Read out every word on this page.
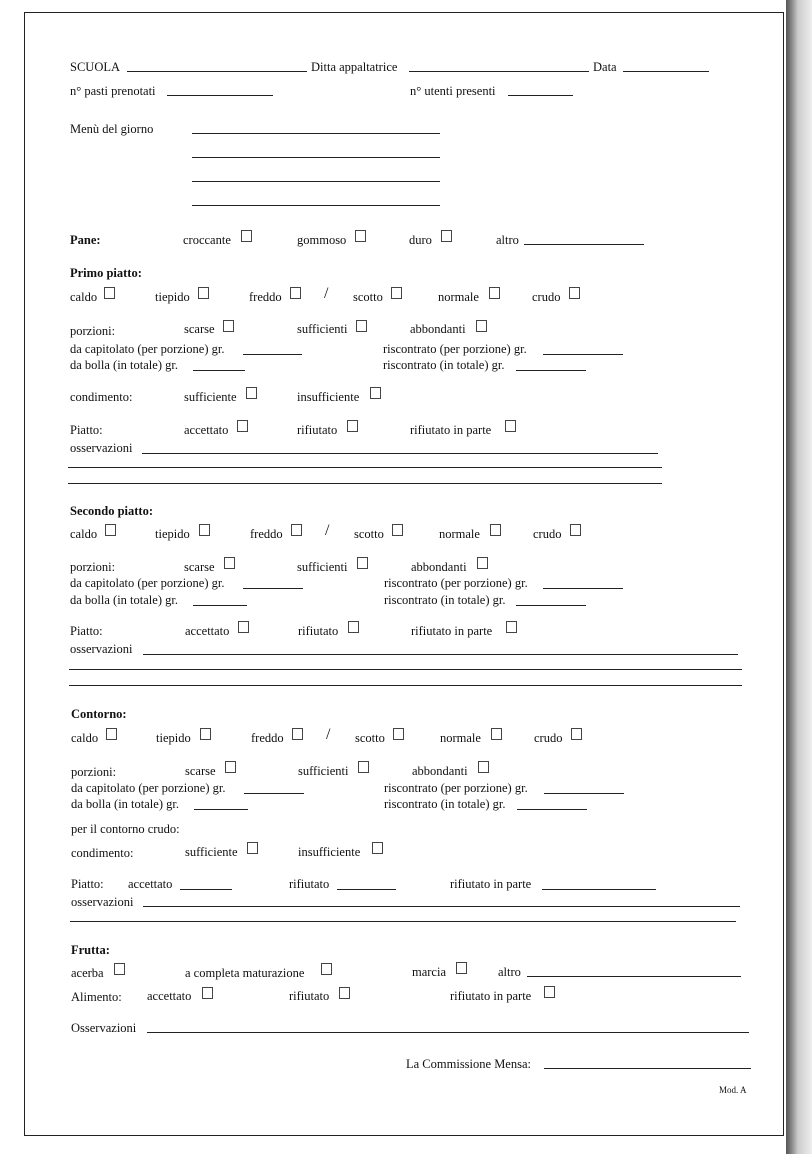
SCUOLA	Ditta appaltatrice	Data
n° pasti prenotati	n° utenti presenti
Menù del giorno
Pane:	croccante	gommoso	duro	altro
Primo piatto:
caldo	tiepido	freddo	/ scotto	normale	crudo
porzioni:	scarse	sufficienti	abbondanti
da capitolato (per porzione) gr.	riscontrato (per porzione) gr.
da bolla (in totale) gr.	riscontrato (in totale) gr.
condimento:	sufficiente	insufficiente
Piatto:	accettato	rifiutato	rifiutato in parte
osservazioni
Secondo piatto:
caldo	tiepido	freddo	/ scotto	normale	crudo
porzioni:	scarse	sufficienti	abbondanti
da capitolato (per porzione) gr.	riscontrato (per porzione) gr.
da bolla (in totale) gr.	riscontrato (in totale) gr.
Piatto:	accettato	rifiutato	rifiutato in parte
osservazioni
Contorno:
caldo	tiepido	freddo	/ scotto	normale	crudo
porzioni:	scarse	sufficienti	abbondanti
da capitolato (per porzione) gr.	riscontrato (per porzione) gr.
da bolla (in totale) gr.	riscontrato (in totale) gr.
per il contorno crudo:
condimento:	sufficiente	insufficiente
Piatto: accettato	rifiutato	rifiutato in parte
osservazioni
Frutta:
acerba	a completa maturazione	marcia	altro
Alimento: accettato	rifiutato	rifiutato in parte
Osservazioni
La Commissione Mensa:
Mod. A
